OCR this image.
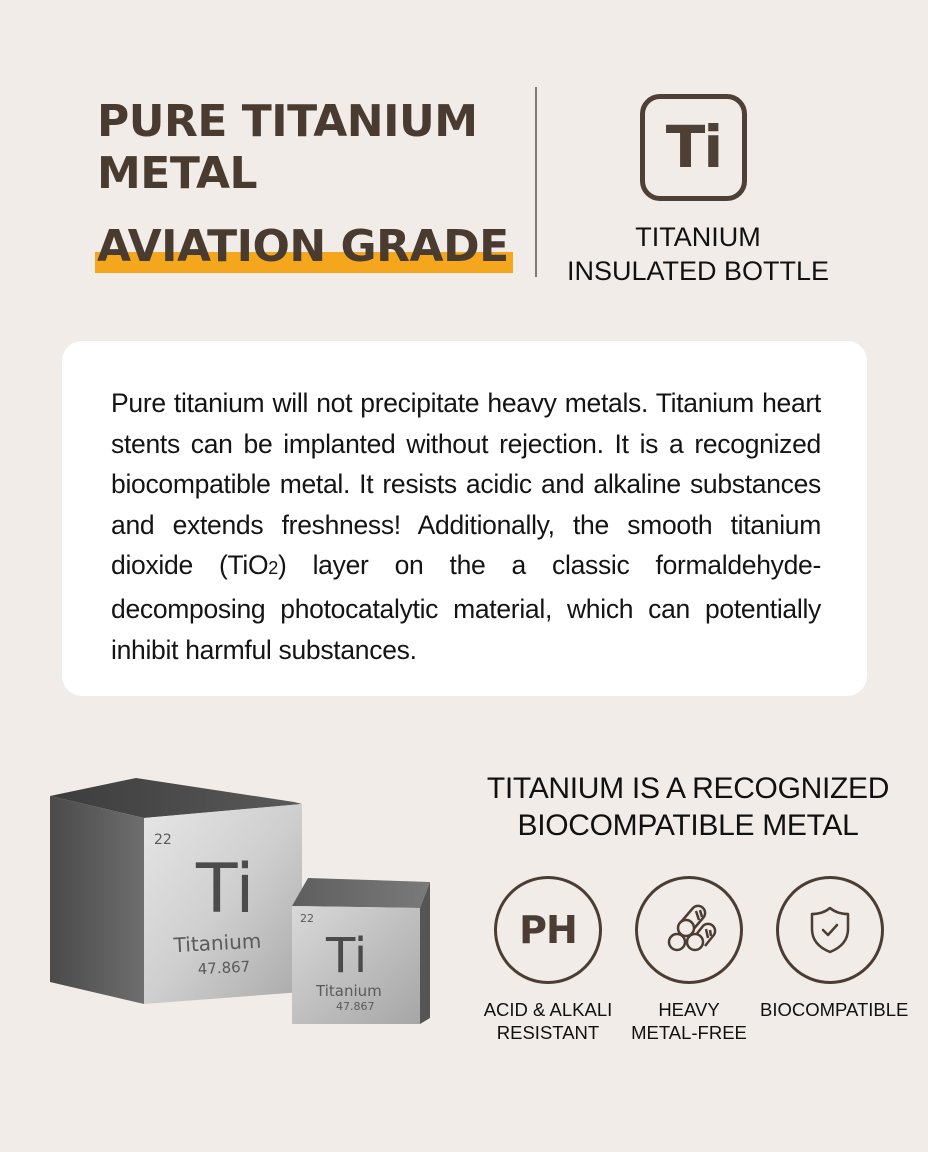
PURE TITANIUM
METAL
AVIATION GRADE
Ti
TITANIUM
INSULATED BOTTLE

Pure titanium will not precipitate heavy metals. Titanium heart stents can be implanted without rejection. It is a recognized biocompatible metal. It resists acidic and alkaline substances and extends freshness! Additionally, the smooth titanium dioxide (TiO2) layer on the a classic formaldehyde-decomposing photocatalytic material, which can potentially inhibit harmful substances.

22
Ti
Titanium
47.867
22
Ti
Titanium
47.867
TITANIUM IS A RECOGNIZED
BIOCOMPATIBLE METAL
PH
ACID & ALKALI
RESISTANT
HEAVY
METAL-FREE
BIOCOMPATIBLE
